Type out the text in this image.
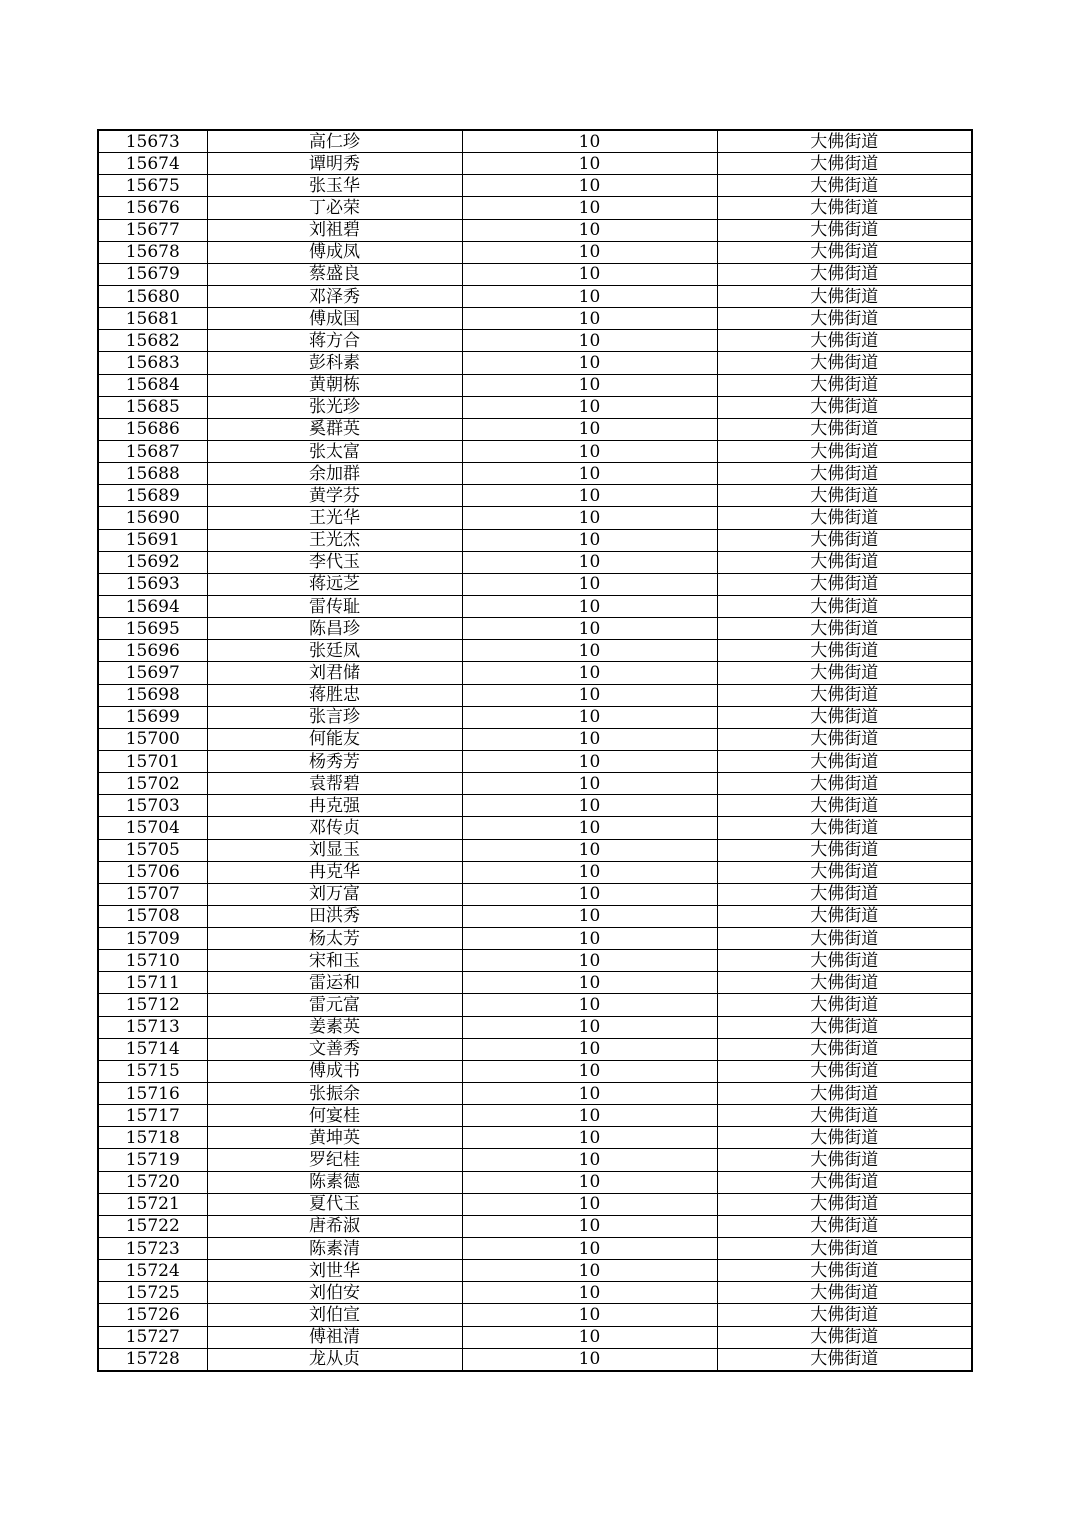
15673	高仁珍	10	大佛街道
15674	谭明秀	10	大佛街道
15675	张玉华	10	大佛街道
15676	丁必荣	10	大佛街道
15677	刘祖碧	10	大佛街道
15678	傅成凤	10	大佛街道
15679	蔡盛良	10	大佛街道
15680	邓泽秀	10	大佛街道
15681	傅成国	10	大佛街道
15682	蒋方合	10	大佛街道
15683	彭科素	10	大佛街道
15684	黄朝栋	10	大佛街道
15685	张光珍	10	大佛街道
15686	奚群英	10	大佛街道
15687	张太富	10	大佛街道
15688	余加群	10	大佛街道
15689	黄学芬	10	大佛街道
15690	王光华	10	大佛街道
15691	王光杰	10	大佛街道
15692	李代玉	10	大佛街道
15693	蒋远芝	10	大佛街道
15694	雷传耻	10	大佛街道
15695	陈昌珍	10	大佛街道
15696	张廷凤	10	大佛街道
15697	刘君储	10	大佛街道
15698	蒋胜忠	10	大佛街道
15699	张言珍	10	大佛街道
15700	何能友	10	大佛街道
15701	杨秀芳	10	大佛街道
15702	袁帮碧	10	大佛街道
15703	冉克强	10	大佛街道
15704	邓传贞	10	大佛街道
15705	刘显玉	10	大佛街道
15706	冉克华	10	大佛街道
15707	刘万富	10	大佛街道
15708	田洪秀	10	大佛街道
15709	杨太芳	10	大佛街道
15710	宋和玉	10	大佛街道
15711	雷运和	10	大佛街道
15712	雷元富	10	大佛街道
15713	姜素英	10	大佛街道
15714	文善秀	10	大佛街道
15715	傅成书	10	大佛街道
15716	张振余	10	大佛街道
15717	何宴桂	10	大佛街道
15718	黄坤英	10	大佛街道
15719	罗纪桂	10	大佛街道
15720	陈素德	10	大佛街道
15721	夏代玉	10	大佛街道
15722	唐希淑	10	大佛街道
15723	陈素清	10	大佛街道
15724	刘世华	10	大佛街道
15725	刘伯安	10	大佛街道
15726	刘伯宣	10	大佛街道
15727	傅祖清	10	大佛街道
15728	龙从贞	10	大佛街道
